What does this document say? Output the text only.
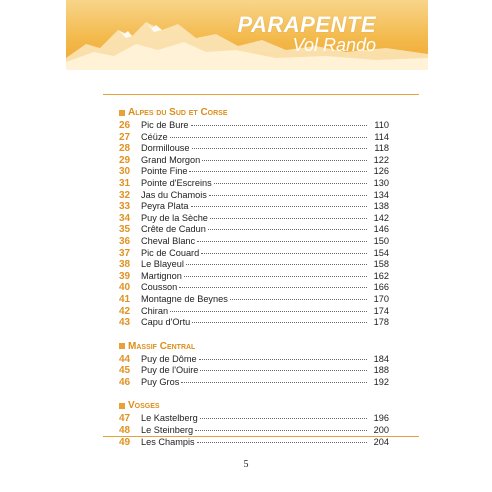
PARAPENTE
Vol Rando
Alpes du Sud et Corse
26	Pic de Bure	110
27	Céüze	114
28	Dormillouse	118
29	Grand Morgon	122
30	Pointe Fine	126
31	Pointe d'Escreins	130
32	Jas du Chamois	134
33	Peyra Plata	138
34	Puy de la Sèche	142
35	Crête de Cadun	146
36	Cheval Blanc	150
37	Pic de Couard	154
38	Le Blayeul	158
39	Martignon	162
40	Cousson	166
41	Montagne de Beynes	170
42	Chiran	174
43	Capu d'Ortu	178
Massif Central
44	Puy de Dôme	184
45	Puy de l'Ouire	188
46	Puy Gros	192
Vosges
47	Le Kastelberg	196
48	Le Steinberg	200
49	Les Champis	204
5
